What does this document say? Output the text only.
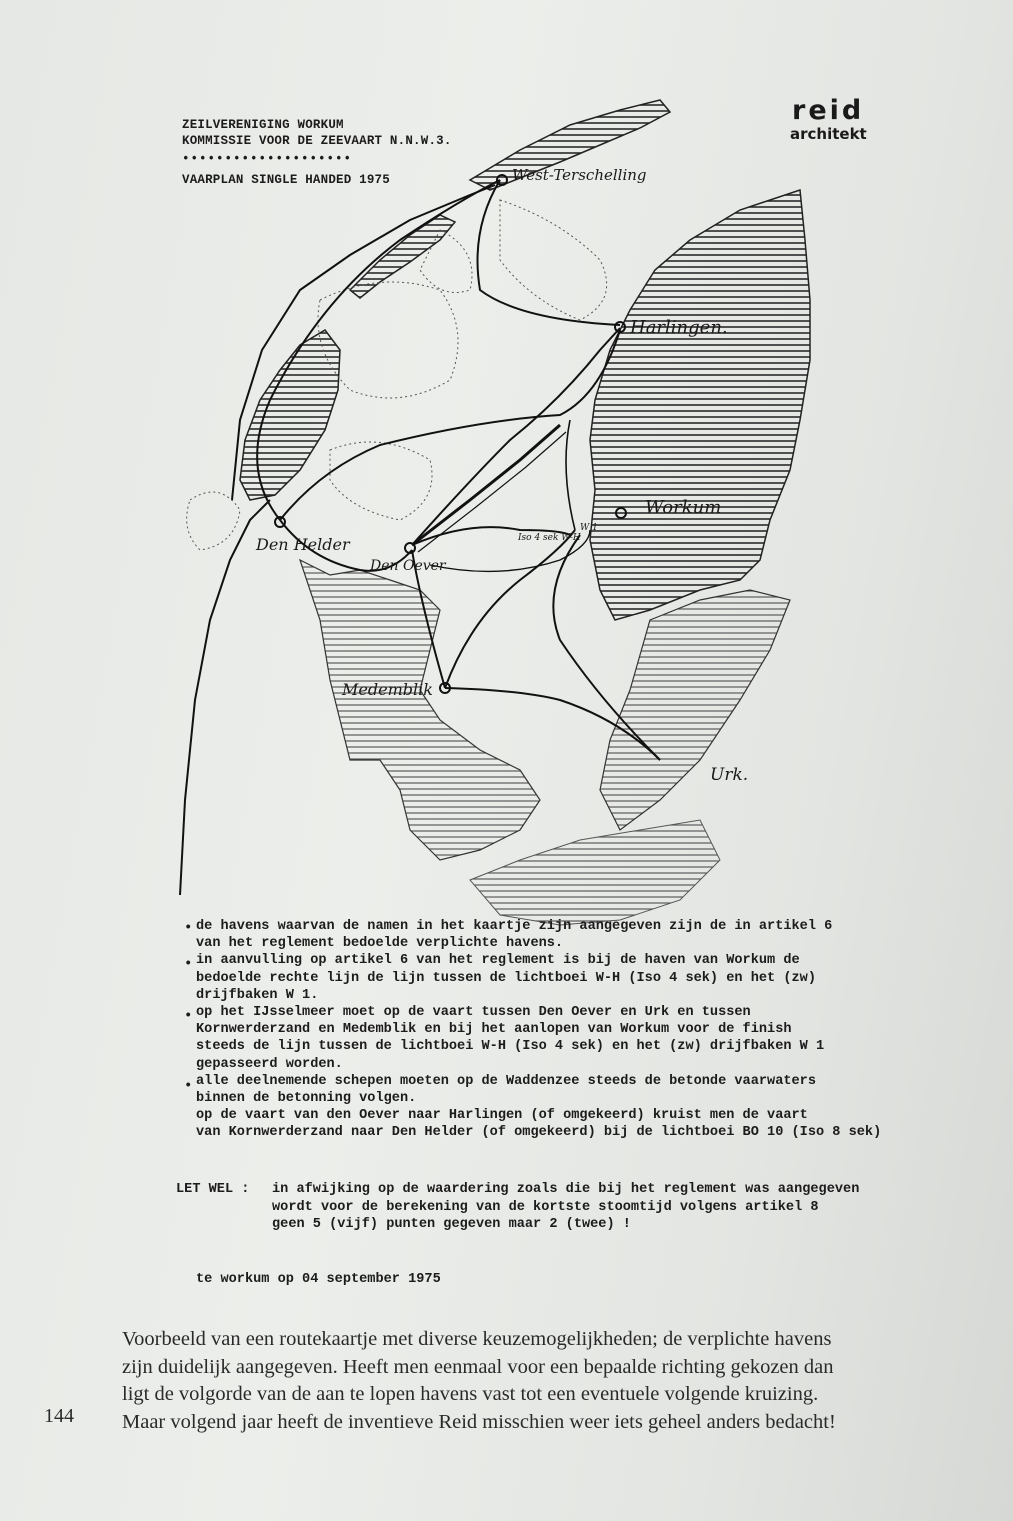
ZEILVERENIGING WORKUM
KOMMISSIE VOOR DE ZEEVAART N.N.W.3.
••••••••••••••••••••
VAARPLAN SINGLE HANDED 1975
reid
architekt
West-Terschelling
Harlingen.
Workum
Den Helder
Den Oever
Medemblik
Iso 4 sek W-H
W 1
Urk.
•
•
•
•
de havens waarvan de namen in het kaartje zijn aangegeven zijn de in artikel 6
van het reglement bedoelde verplichte havens.
in aanvulling op artikel 6 van het reglement is bij de haven van Workum de
bedoelde rechte lijn de lijn tussen de lichtboei W-H (Iso 4 sek) en het (zw)
drijfbaken W 1.
op het IJsselmeer moet op de vaart tussen Den Oever en Urk en tussen
Kornwerderzand en Medemblik en bij het aanlopen van Workum voor de finish
steeds de lijn tussen de lichtboei W-H (Iso 4 sek) en het (zw) drijfbaken W 1
gepasseerd worden.
alle deelnemende schepen moeten op de Waddenzee steeds de betonde vaarwaters
binnen de betonning volgen.
op de vaart van den Oever naar Harlingen (of omgekeerd) kruist men de vaart
van Kornwerderzand naar Den Helder (of omgekeerd) bij de lichtboei BO 10 (Iso 8 sek)
LET WEL : in afwijking op de waardering zoals die bij het reglement was aangegeven
wordt voor de berekening van de kortste stoomtijd volgens artikel 8
geen 5 (vijf) punten gegeven maar 2 (twee) !
te workum op 04 september 1975
Voorbeeld van een routekaartje met diverse keuzemogelijkheden; de verplichte havens
zijn duidelijk aangegeven. Heeft men eenmaal voor een bepaalde richting gekozen dan
ligt de volgorde van de aan te lopen havens vast tot een eventuele volgende kruizing.
Maar volgend jaar heeft de inventieve Reid misschien weer iets geheel anders bedacht!
144
